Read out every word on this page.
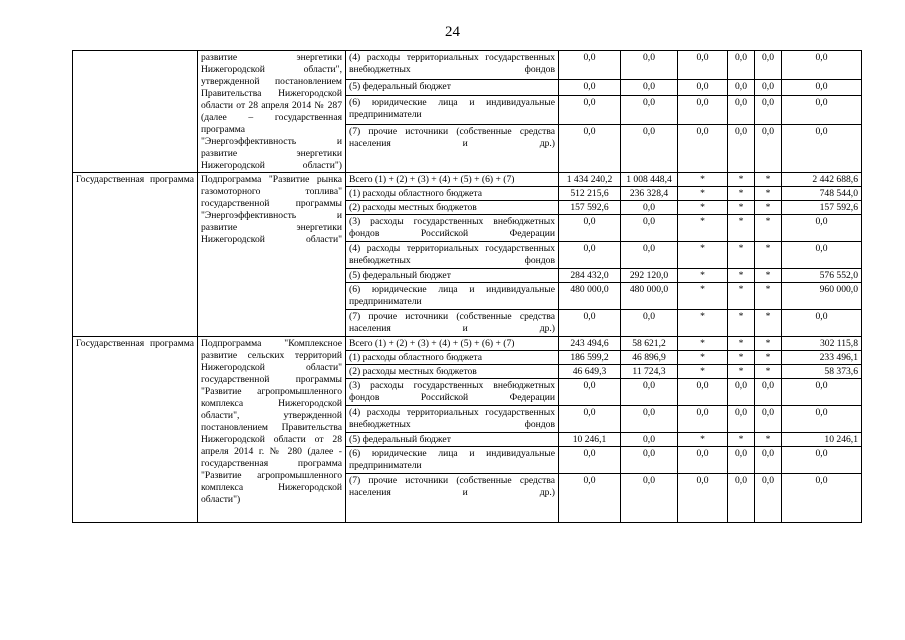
24

	развитие энергетики Нижегородской области", утвержденной постановлением Правительства Нижегородской области от 28 апреля 2014 № 287 (далее – государственная программа "Энергоэффективность и развитие энергетики Нижегородской области")	(4) расходы территориальных государственных внебюджетных фондов	0,0	0,0	0,0	0,0	0,0	0,0

		(5) федеральный бюджет	0,0	0,0	0,0	0,0	0,0	0,0

		(6) юридические лица и индивидуальные предприниматели	0,0	0,0	0,0	0,0	0,0	0,0

		(7) прочие источники (собственные средства населения и др.)	0,0	0,0	0,0	0,0	0,0	0,0

Государственная программа	Подпрограмма "Развитие рынка газомоторного топлива" государственной программы "Энергоэффективность и развитие энергетики Нижегородской области"	Всего (1) + (2) + (3) + (4) + (5) + (6) + (7)	1 434 240,2	1 008 448,4	*	*	*	2 442 688,6

		(1) расходы областного бюджета	512 215,6	236 328,4	*	*	*	748 544,0

		(2) расходы местных бюджетов	157 592,6	0,0	*	*	*	157 592,6

		(3) расходы государственных внебюджетных фондов Российской Федерации	0,0	0,0	*	*	*	0,0

		(4) расходы территориальных государственных внебюджетных фондов	0,0	0,0	*	*	*	0,0

		(5) федеральный бюджет	284 432,0	292 120,0	*	*	*	576 552,0

		(6) юридические лица и индивидуальные предприниматели	480 000,0	480 000,0	*	*	*	960 000,0

		(7) прочие источники (собственные средства населения и др.)	0,0	0,0	*	*	*	0,0

Государственная программа	Подпрограмма "Комплексное развитие сельских территорий Нижегородской области" государственной программы "Развитие агропромышленного комплекса Нижегородской области", утвержденной постановлением Правительства Нижегородской области от 28 апреля 2014 г. № 280 (далее - государственная программа "Развитие агропромышленного комплекса Нижегородской области")	Всего (1) + (2) + (3) + (4) + (5) + (6) + (7)	243 494,6	58 621,2	*	*	*	302 115,8

		(1) расходы областного бюджета	186 599,2	46 896,9	*	*	*	233 496,1

		(2) расходы местных бюджетов	46 649,3	11 724,3	*	*	*	58 373,6

		(3) расходы государственных внебюджетных фондов Российской Федерации	0,0	0,0	0,0	0,0	0,0	0,0

		(4) расходы территориальных государственных внебюджетных фондов	0,0	0,0	0,0	0,0	0,0	0,0

		(5) федеральный бюджет	10 246,1	0,0	*	*	*	10 246,1

		(6) юридические лица и индивидуальные предприниматели	0,0	0,0	0,0	0,0	0,0	0,0

		(7) прочие источники (собственные средства населения и др.)	0,0	0,0	0,0	0,0	0,0	0,0
